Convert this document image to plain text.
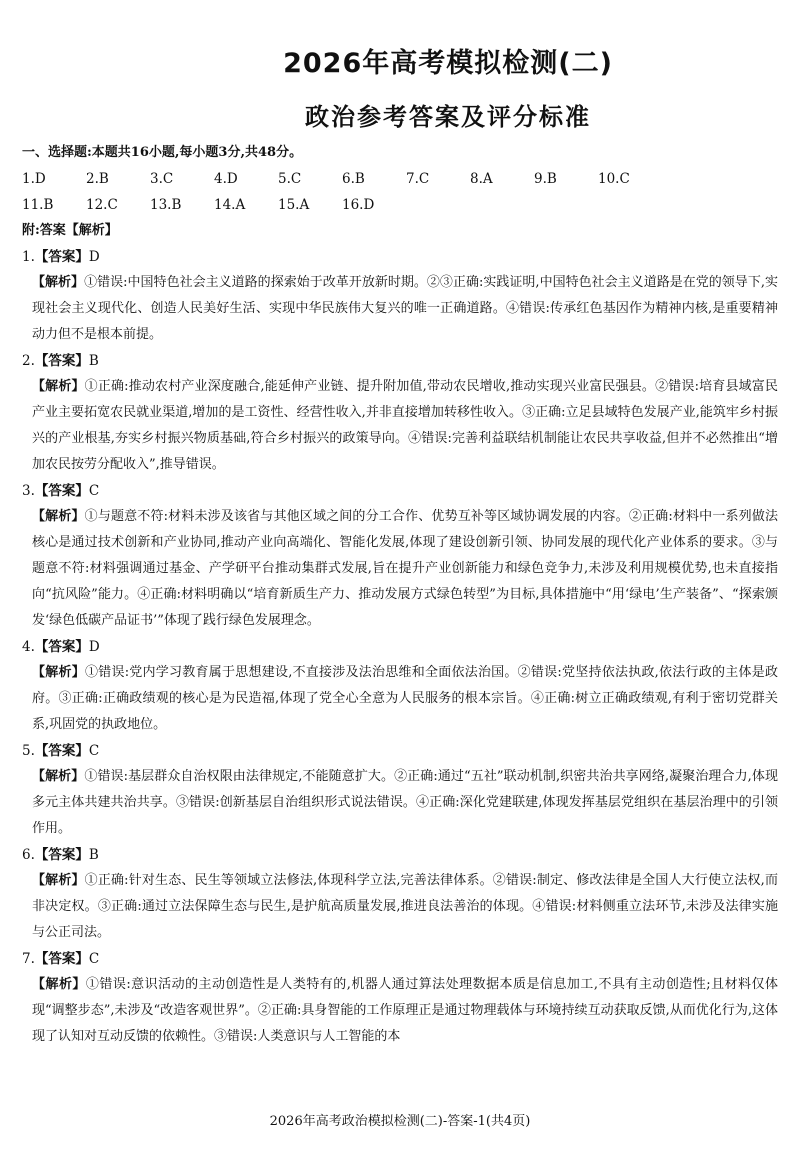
2026年高考模拟检测(二)
政治参考答案及评分标准

一、选择题:本题共16小题,每小题3分,共48分。

1.D	2.B	3.C	4.D	5.C	6.B	7.C	8.A	9.B	10.C
11.B	12.C	13.B	14.A	15.A	16.D

附:答案【解析】

1.【答案】D

【解析】①错误:中国特色社会主义道路的探索始于改革开放新时期。②③正确:实践证明,中国特色社会主义道路是在党的领导下,实现社会主义现代化、创造人民美好生活、实现中华民族伟大复兴的唯一正确道路。④错误:传承红色基因作为精神内核,是重要精神动力但不是根本前提。

2.【答案】B

【解析】①正确:推动农村产业深度融合,能延伸产业链、提升附加值,带动农民增收,推动实现兴业富民强县。②错误:培育县域富民产业主要拓宽农民就业渠道,增加的是工资性、经营性收入,并非直接增加转移性收入。③正确:立足县域特色发展产业,能筑牢乡村振兴的产业根基,夯实乡村振兴物质基础,符合乡村振兴的政策导向。④错误:完善利益联结机制能让农民共享收益,但并不必然推出“增加农民按劳分配收入”,推导错误。

3.【答案】C

【解析】①与题意不符:材料未涉及该省与其他区域之间的分工合作、优势互补等区域协调发展的内容。②正确:材料中一系列做法核心是通过技术创新和产业协同,推动产业向高端化、智能化发展,体现了建设创新引领、协同发展的现代化产业体系的要求。③与题意不符:材料强调通过基金、产学研平台推动集群式发展,旨在提升产业创新能力和绿色竞争力,未涉及利用规模优势,也未直接指向“抗风险”能力。④正确:材料明确以“培育新质生产力、推动发展方式绿色转型”为目标,具体措施中“用‘绿电’生产装备”、“探索颁发‘绿色低碳产品证书’”体现了践行绿色发展理念。

4.【答案】D

【解析】①错误:党内学习教育属于思想建设,不直接涉及法治思维和全面依法治国。②错误:党坚持依法执政,依法行政的主体是政府。③正确:正确政绩观的核心是为民造福,体现了党全心全意为人民服务的根本宗旨。④正确:树立正确政绩观,有利于密切党群关系,巩固党的执政地位。

5.【答案】C

【解析】①错误:基层群众自治权限由法律规定,不能随意扩大。②正确:通过“五社”联动机制,织密共治共享网络,凝聚治理合力,体现多元主体共建共治共享。③错误:创新基层自治组织形式说法错误。④正确:深化党建联建,体现发挥基层党组织在基层治理中的引领作用。

6.【答案】B

【解析】①正确:针对生态、民生等领域立法修法,体现科学立法,完善法律体系。②错误:制定、修改法律是全国人大行使立法权,而非决定权。③正确:通过立法保障生态与民生,是护航高质量发展,推进良法善治的体现。④错误:材料侧重立法环节,未涉及法律实施与公正司法。

7.【答案】C

【解析】①错误:意识活动的主动创造性是人类特有的,机器人通过算法处理数据本质是信息加工,不具有主动创造性;且材料仅体现“调整步态”,未涉及“改造客观世界”。②正确:具身智能的工作原理正是通过物理载体与环境持续互动获取反馈,从而优化行为,这体现了认知对互动反馈的依赖性。③错误:人类意识与人工智能的本

2026年高考政治模拟检测(二)-答案-1(共4页)
